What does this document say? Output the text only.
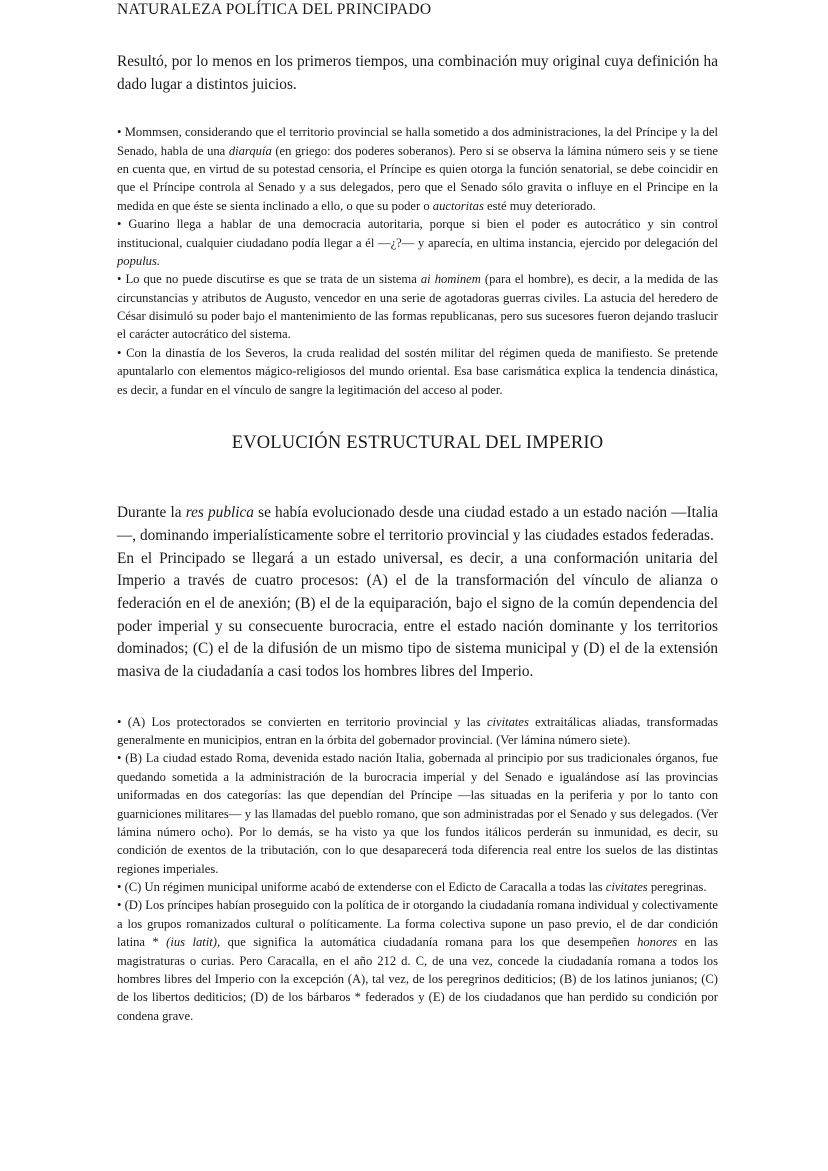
NATURALEZA POLÍTICA DEL PRINCIPADO

Resultó, por lo menos en los primeros tiempos, una combinación muy original cuya definición ha dado lugar a distintos juicios.

• Mommsen, considerando que el territorio provincial se halla sometido a dos administraciones, la del Príncipe y la del Senado, habla de una diarquía (en griego: dos poderes soberanos). Pero si se observa la lámina número seis y se tiene en cuenta que, en virtud de su potestad censoria, el Príncipe es quien otorga la función senatorial, se debe coincidir en que el Príncipe controla al Senado y a sus delegados, pero que el Senado sólo gravita o influye en el Principe en la medida en que éste se sienta inclinado a ello, o que su poder o auctoritas esté muy deteriorado.

• Guarino llega a hablar de una democracia autoritaria, porque si bien el poder es autocrático y sin control institucional, cualquier ciudadano podía llegar a él —¿?— y aparecía, en ultima instancia, ejercido por delegación del populus.

• Lo que no puede discutirse es que se trata de un sistema ai hominem (para el hombre), es decir, a la medida de las circunstancias y atributos de Augusto, vencedor en una serie de agotadoras guerras civiles. La astucia del heredero de César disimuló su poder bajo el mantenimiento de las formas republicanas, pero sus sucesores fueron dejando traslucir el carácter autocrático del sistema.

• Con la dinastía de los Severos, la cruda realidad del sostén militar del régimen queda de manifiesto. Se pretende apuntalarlo con elementos mágico-religiosos del mundo oriental. Esa base carismática explica la tendencia dinástica, es decir, a fundar en el vínculo de sangre la legitimación del acceso al poder.

EVOLUCIÓN ESTRUCTURAL DEL IMPERIO

Durante la res publica se había evolucionado desde una ciudad estado a un estado nación —Italia—, dominando imperialísticamente sobre el territorio provincial y las ciudades estados federadas.

En el Principado se llegará a un estado universal, es decir, a una conformación unitaria del Imperio a través de cuatro procesos: (A) el de la transformación del vínculo de alianza o federación en el de anexión; (B) el de la equiparación, bajo el signo de la común dependencia del poder imperial y su consecuente burocracia, entre el estado nación dominante y los territorios dominados; (C) el de la difusión de un mismo tipo de sistema municipal y (D) el de la extensión masiva de la ciudadanía a casi todos los hombres libres del Imperio.

• (A) Los protectorados se convierten en territorio provincial y las civitates extraitálicas aliadas, transformadas generalmente en municipios, entran en la órbita del gobernador provincial. (Ver lámina número siete).

• (B) La ciudad estado Roma, devenida estado nación Italia, gobernada al principio por sus tradicionales órganos, fue quedando sometida a la administración de la burocracia imperial y del Senado e igualándose así las provincias uniformadas en dos categorías: las que dependían del Príncipe —las situadas en la periferia y por lo tanto con guarniciones militares— y las llamadas del pueblo romano, que son administradas por el Senado y sus delegados. (Ver lámina número ocho). Por lo demás, se ha visto ya que los fundos itálicos perderán su inmunidad, es decir, su condición de exentos de la tributación, con lo que desaparecerá toda diferencia real entre los suelos de las distintas regiones imperiales.

• (C) Un régimen municipal uniforme acabó de extenderse con el Edicto de Caracalla a todas las civitates peregrinas.

• (D) Los príncipes habían proseguido con la política de ir otorgando la ciudadanía romana individual y colectivamente a los grupos romanizados cultural o políticamente. La forma colectiva supone un paso previo, el de dar condición latina * (ius latit), que significa la automática ciudadanía romana para los que desempeñen honores en las magistraturas o curias. Pero Caracalla, en el año 212 d. C, de una vez, concede la ciudadanía romana a todos los hombres libres del Imperio con la excepción (A), tal vez, de los peregrinos dediticios; (B) de los latinos junianos; (C) de los libertos dediticios; (D) de los bárbaros * federados y (E) de los ciudadanos que han perdido su condición por condena grave.
